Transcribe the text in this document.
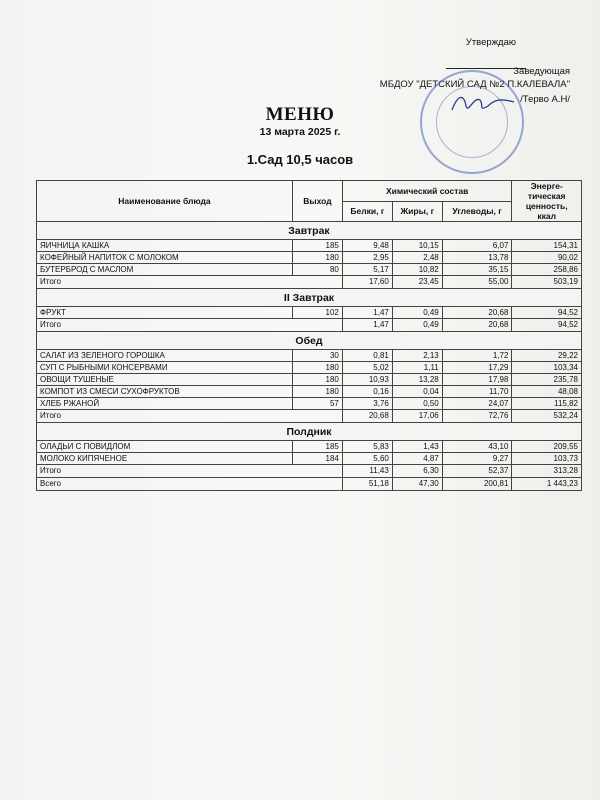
Утверждаю
Заведующая
МБДОУ "ДЕТСКИЙ САД №2 П.КАЛЕВАЛА"
/Терво А.Н/
МЕНЮ
13 марта 2025 г.
1.Сад 10,5 часов
Наименование блюда	Выход	Химический состав			Энерге-тическая ценность, ккал
		Белки, г	Жиры, г	Углеводы, г	
Завтрак					
ЯИЧНИЦА КАШКА	185	9,48	10,15	6,07	154,31
КОФЕЙНЫЙ НАПИТОК С МОЛОКОМ	180	2,95	2,48	13,78	90,02
БУТЕРБРОД С МАСЛОМ	80	5,17	10,82	35,15	258,86
Итого		17,60	23,45	55,00	503,19
II Завтрак					
ФРУКТ	102	1,47	0,49	20,68	94,52
Итого		1,47	0,49	20,68	94,52
Обед					
САЛАТ ИЗ ЗЕЛЕНОГО ГОРОШКА	30	0,81	2,13	1,72	29,22
СУП С РЫБНЫМИ КОНСЕРВАМИ	180	5,02	1,11	17,29	103,34
ОВОЩИ ТУШЕНЫЕ	180	10,93	13,28	17,98	235,78
КОМПОТ ИЗ СМЕСИ СУХОФРУКТОВ	180	0,16	0,04	11,70	48,08
ХЛЕБ РЖАНОЙ	57	3,76	0,50	24,07	115,82
Итого		20,68	17,06	72,76	532,24
Полдник					
ОЛАДЬИ С ПОВИДЛОМ	185	5,83	1,43	43,10	209,55
МОЛОКО КИПЯЧЕНОЕ	184	5,60	4,87	9,27	103,73
Итого		11,43	6,30	52,37	313,28
Всего		51,18	47,30	200,81	1 443,23
